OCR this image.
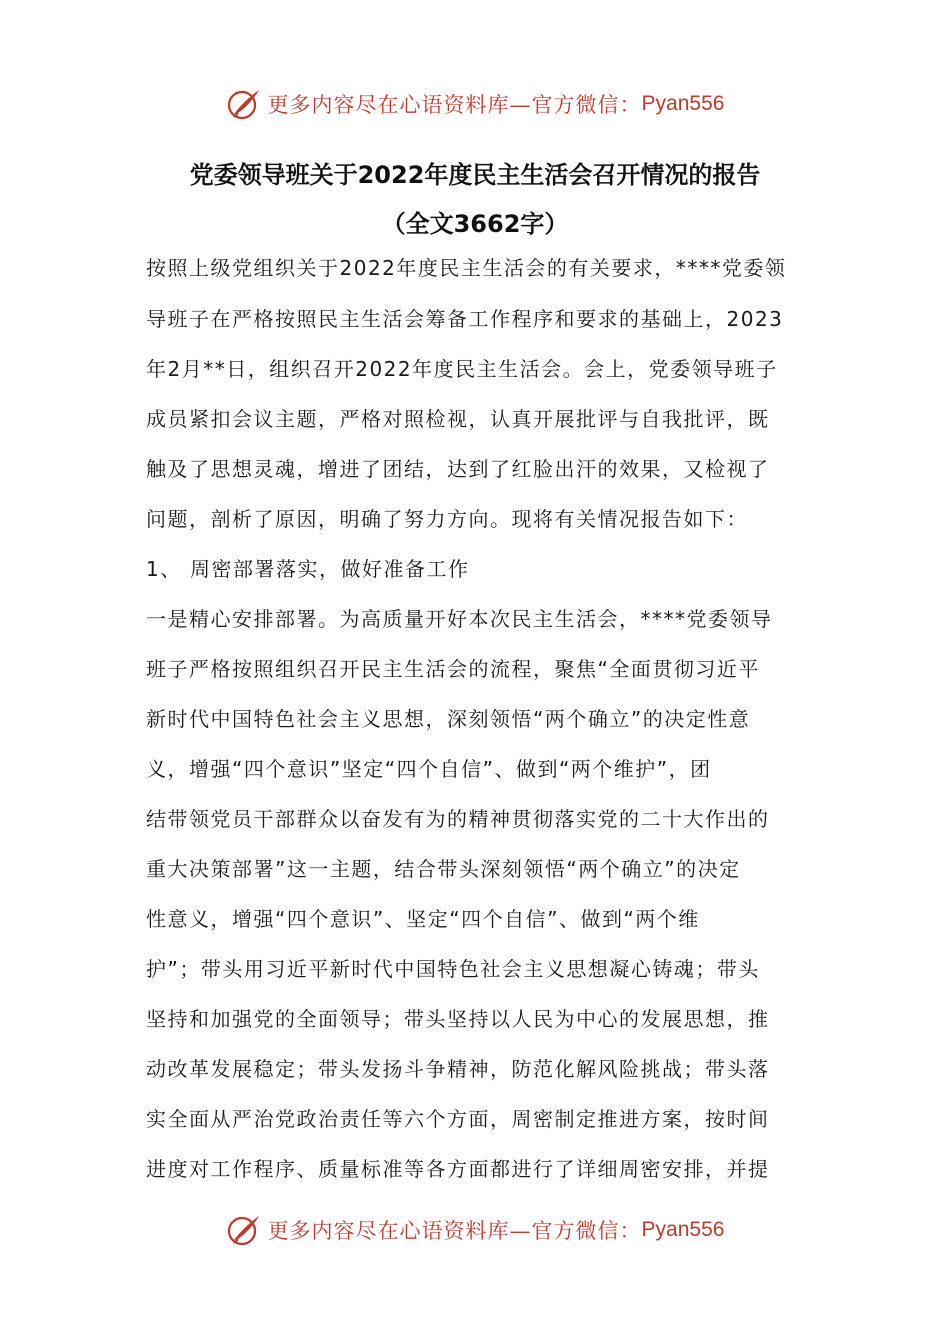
更多内容尽在心语资料库—官方微信： Pyan556
党委领导班关于2022年度民主生活会召开情况的报告
（全文3662字）
按照上级党组织关于2022年度民主生活会的有关要求，****党委领
导班子在严格按照民主生活会筹备工作程序和要求的基础上，2023
年2月**日，组织召开2022年度民主生活会。会上，党委领导班子
成员紧扣会议主题，严格对照检视，认真开展批评与自我批评，既
触及了思想灵魂，增进了团结，达到了红脸出汗的效果，又检视了
问题，剖析了原因，明确了努力方向。现将有关情况报告如下：
1、 周密部署落实，做好准备工作
一是精心安排部署。为高质量开好本次民主生活会，****党委领导
班子严格按照组织召开民主生活会的流程，聚焦“全面贯彻习近平
新时代中国特色社会主义思想，深刻领悟“两个确立”的决定性意
义，增强“四个意识”坚定“四个自信”、做到“两个维护”，团
结带领党员干部群众以奋发有为的精神贯彻落实党的二十大作出的
重大决策部署”这一主题，结合带头深刻领悟“两个确立”的决定
性意义，增强“四个意识”、坚定“四个自信”、做到“两个维
护”；带头用习近平新时代中国特色社会主义思想凝心铸魂；带头
坚持和加强党的全面领导；带头坚持以人民为中心的发展思想，推
动改革发展稳定；带头发扬斗争精神，防范化解风险挑战；带头落
实全面从严治党政治责任等六个方面，周密制定推进方案，按时间
进度对工作程序、质量标准等各方面都进行了详细周密安排，并提
更多内容尽在心语资料库—官方微信： Pyan556
